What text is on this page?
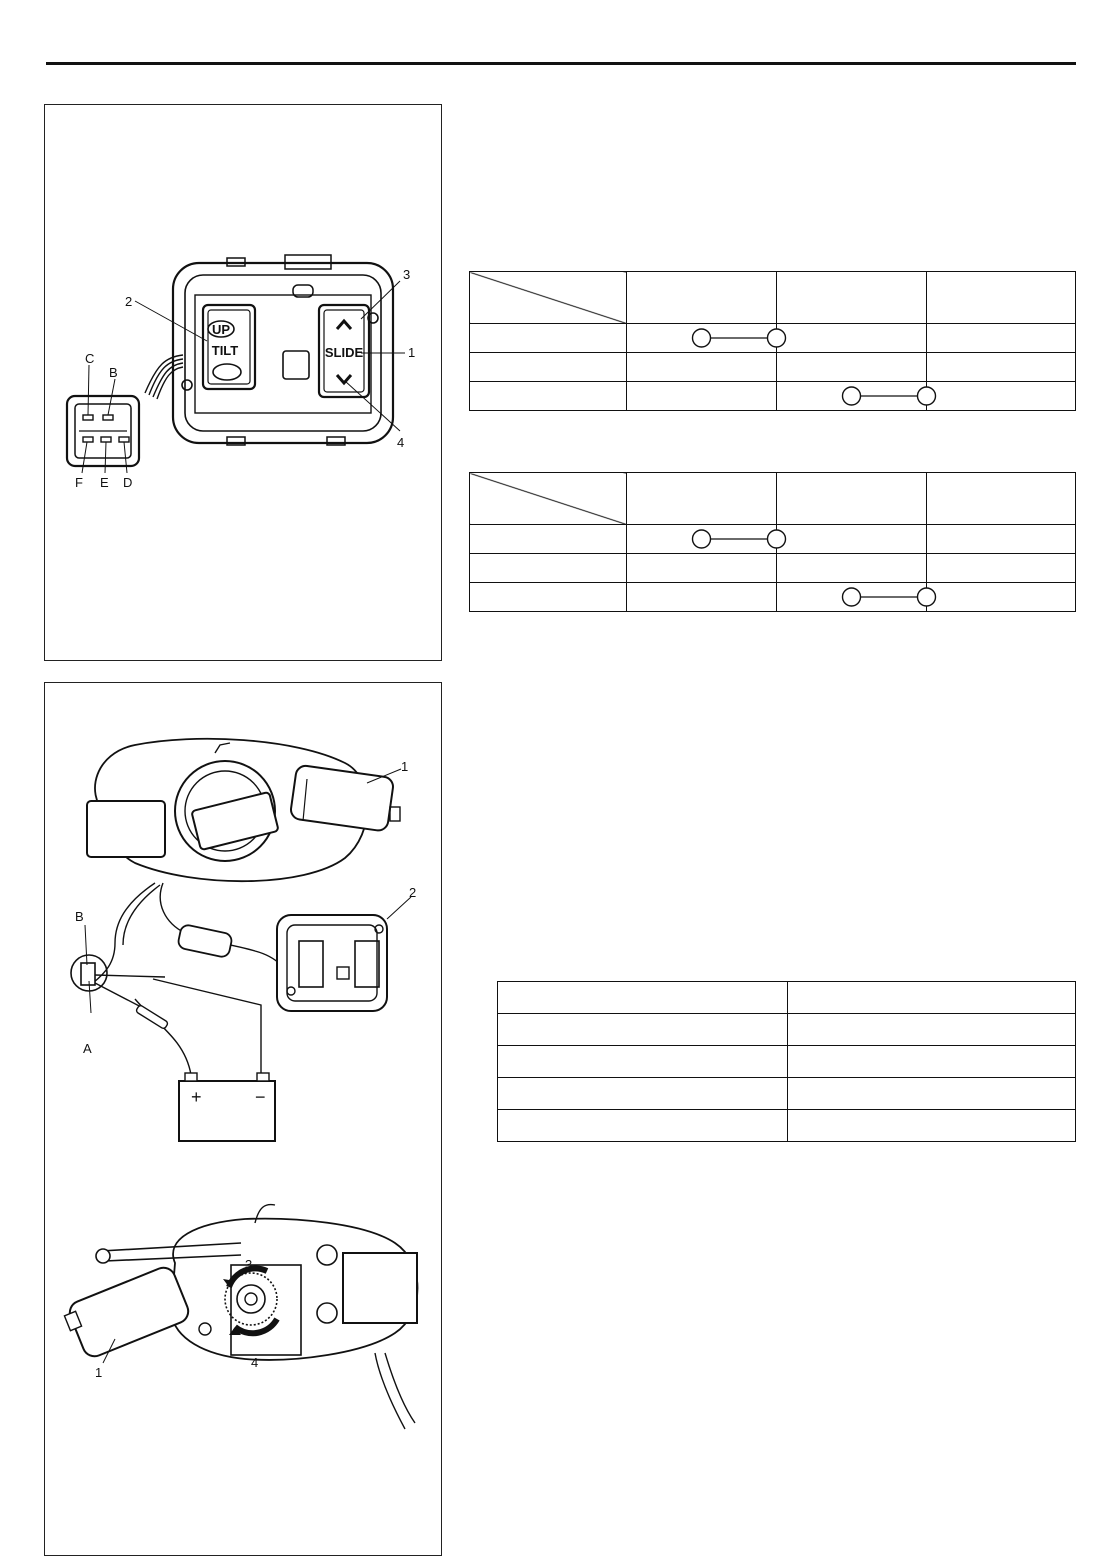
UP
TILT	SLIDE
C
B
F E D
2
3
1
4
+	−
1
2
B
A
3
4
1
